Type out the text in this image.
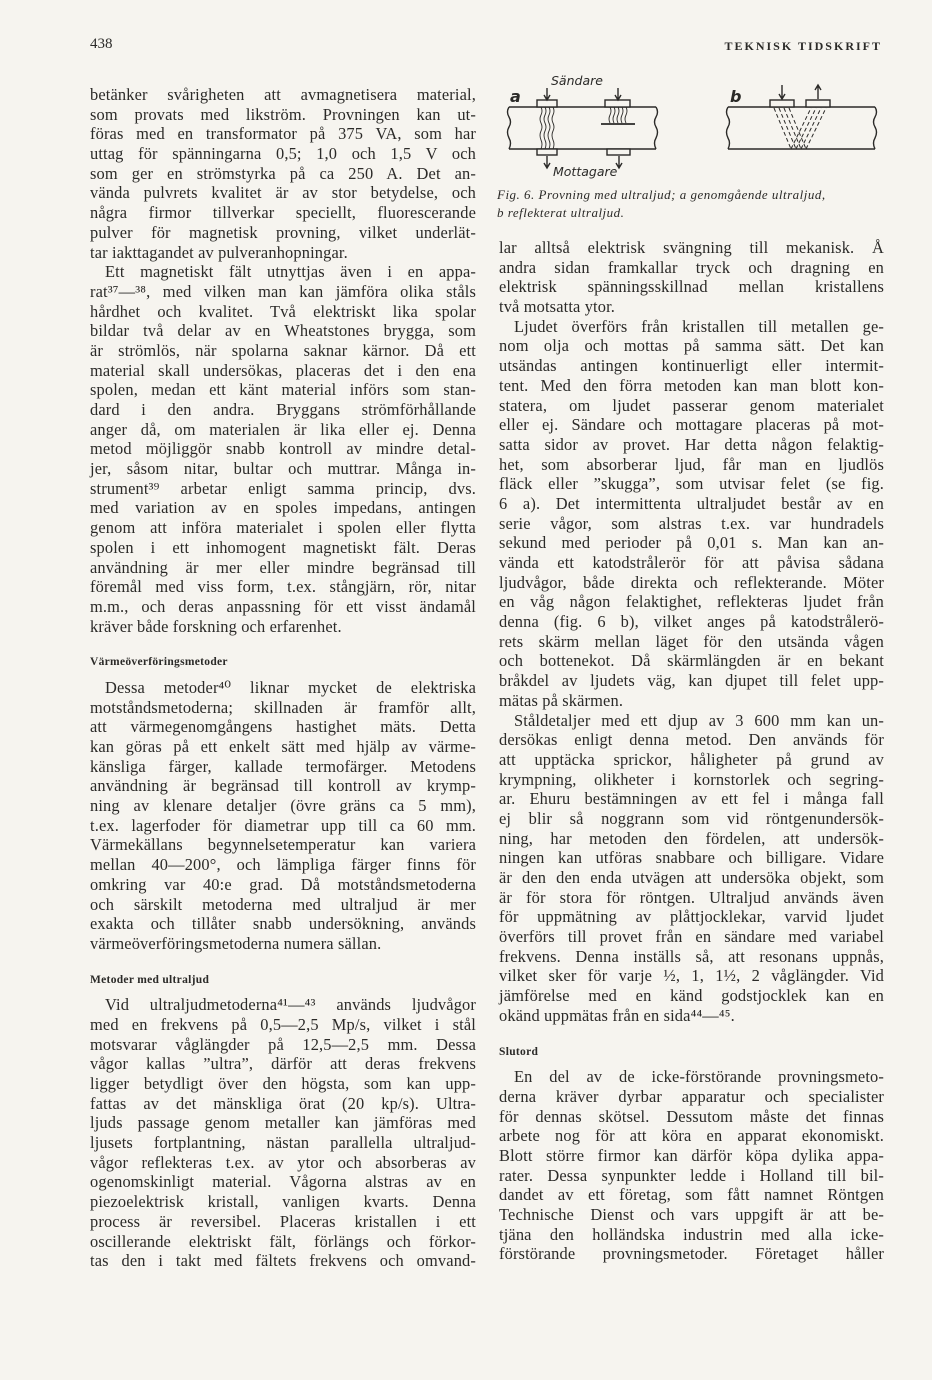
438	TEKNISK TIDSKRIFT
a	b
Sändare
Mottagare
Fig. 6. Provning med ultraljud; a genomgående ultraljud,
b reflekterat ultraljud.
betänker svårigheten att avmagnetisera material,
som provats med likström. Provningen kan ut-
föras med en transformator på 375 VA, som har
uttag för spänningarna 0,5; 1,0 och 1,5 V och
som ger en strömstyrka på ca 250 A. Det an-
vända pulvrets kvalitet är av stor betydelse, och
några firmor tillverkar speciellt, fluorescerande
pulver för magnetisk provning, vilket underlät-
tar iakttagandet av pulveranhopningar.
Ett magnetiskt fält utnyttjas även i en appa-
rat³⁷—³⁸, med vilken man kan jämföra olika ståls
hårdhet och kvalitet. Två elektriskt lika spolar
bildar två delar av en Wheatstones brygga, som
är strömlös, när spolarna saknar kärnor. Då ett
material skall undersökas, placeras det i den ena
spolen, medan ett känt material införs som stan-
dard i den andra. Bryggans strömförhållande
anger då, om materialen är lika eller ej. Denna
metod möjliggör snabb kontroll av mindre detal-
jer, såsom nitar, bultar och muttrar. Många in-
strument³⁹ arbetar enligt samma princip, dvs.
med variation av en spoles impedans, antingen
genom att införa materialet i spolen eller flytta
spolen i ett inhomogent magnetiskt fält. Deras
användning är mer eller mindre begränsad till
föremål med viss form, t.ex. stångjärn, rör, nitar
m.m., och deras anpassning för ett visst ändamål
kräver både forskning och erfarenhet.
Värmeöverföringsmetoder
Dessa metoder⁴⁰ liknar mycket de elektriska
motståndsmetoderna; skillnaden är framför allt,
att värmegenomgångens hastighet mäts. Detta
kan göras på ett enkelt sätt med hjälp av värme-
känsliga färger, kallade termofärger. Metodens
användning är begränsad till kontroll av krymp-
ning av klenare detaljer (övre gräns ca 5 mm),
t.ex. lagerfoder för diametrar upp till ca 60 mm.
Värmekällans begynnelsetemperatur kan variera
mellan 40—200°, och lämpliga färger finns för
omkring var 40:e grad. Då motståndsmetoderna
och särskilt metoderna med ultraljud är mer
exakta och tillåter snabb undersökning, används
värmeöverföringsmetoderna numera sällan.
Metoder med ultraljud
Vid ultraljudmetoderna⁴¹—⁴³ används ljudvågor
med en frekvens på 0,5—2,5 Mp/s, vilket i stål
motsvarar våglängder på 12,5—2,5 mm. Dessa
vågor kallas ”ultra”, därför att deras frekvens
ligger betydligt över den högsta, som kan upp-
fattas av det mänskliga örat (20 kp/s). Ultra-
ljuds passage genom metaller kan jämföras med
ljusets fortplantning, nästan parallella ultraljud-
vågor reflekteras t.ex. av ytor och absorberas av
ogenomskinligt material. Vågorna alstras av en
piezoelektrisk kristall, vanligen kvarts. Denna
process är reversibel. Placeras kristallen i ett
oscillerande elektriskt fält, förlängs och förkor-
tas den i takt med fältets frekvens och omvand-
lar alltså elektrisk svängning till mekanisk. Å
andra sidan framkallar tryck och dragning en
elektrisk spänningsskillnad mellan kristallens
två motsatta ytor.
Ljudet överförs från kristallen till metallen ge-
nom olja och mottas på samma sätt. Det kan
utsändas antingen kontinuerligt eller intermit-
tent. Med den förra metoden kan man blott kon-
statera, om ljudet passerar genom materialet
eller ej. Sändare och mottagare placeras på mot-
satta sidor av provet. Har detta någon felaktig-
het, som absorberar ljud, får man en ljudlös
fläck eller ”skugga”, som utvisar felet (se fig.
6 a). Det intermittenta ultraljudet består av en
serie vågor, som alstras t.ex. var hundradels
sekund med perioder på 0,01 s. Man kan an-
vända ett katodstrålerör för att påvisa sådana
ljudvågor, både direkta och reflekterande. Möter
en våg någon felaktighet, reflekteras ljudet från
denna (fig. 6 b), vilket anges på katodstrålerö-
rets skärm mellan läget för den utsända vågen
och bottenekot. Då skärmlängden är en bekant
bråkdel av ljudets väg, kan djupet till felet upp-
mätas på skärmen.
Ståldetaljer med ett djup av 3 600 mm kan un-
dersökas enligt denna metod. Den används för
att upptäcka sprickor, håligheter på grund av
krympning, olikheter i kornstorlek och segring-
ar. Ehuru bestämningen av ett fel i många fall
ej blir så noggrann som vid röntgenundersök-
ning, har metoden den fördelen, att undersök-
ningen kan utföras snabbare och billigare. Vidare
är den den enda utvägen att undersöka objekt, som
är för stora för röntgen. Ultraljud används även
för uppmätning av plåttjocklekar, varvid ljudet
överförs till provet från en sändare med variabel
frekvens. Denna inställs så, att resonans uppnås,
vilket sker för varje ½, 1, 1½, 2 våglängder. Vid
jämförelse med en känd godstjocklek kan en
okänd uppmätas från en sida⁴⁴—⁴⁵.
Slutord
En del av de icke-förstörande provningsmeto-
derna kräver dyrbar apparatur och specialister
för dennas skötsel. Dessutom måste det finnas
arbete nog för att köra en apparat ekonomiskt.
Blott större firmor kan därför köpa dylika appa-
rater. Dessa synpunkter ledde i Holland till bil-
dandet av ett företag, som fått namnet Röntgen
Technische Dienst och vars uppgift är att be-
tjäna den holländska industrin med alla icke-
förstörande provningsmetoder. Företaget håller
